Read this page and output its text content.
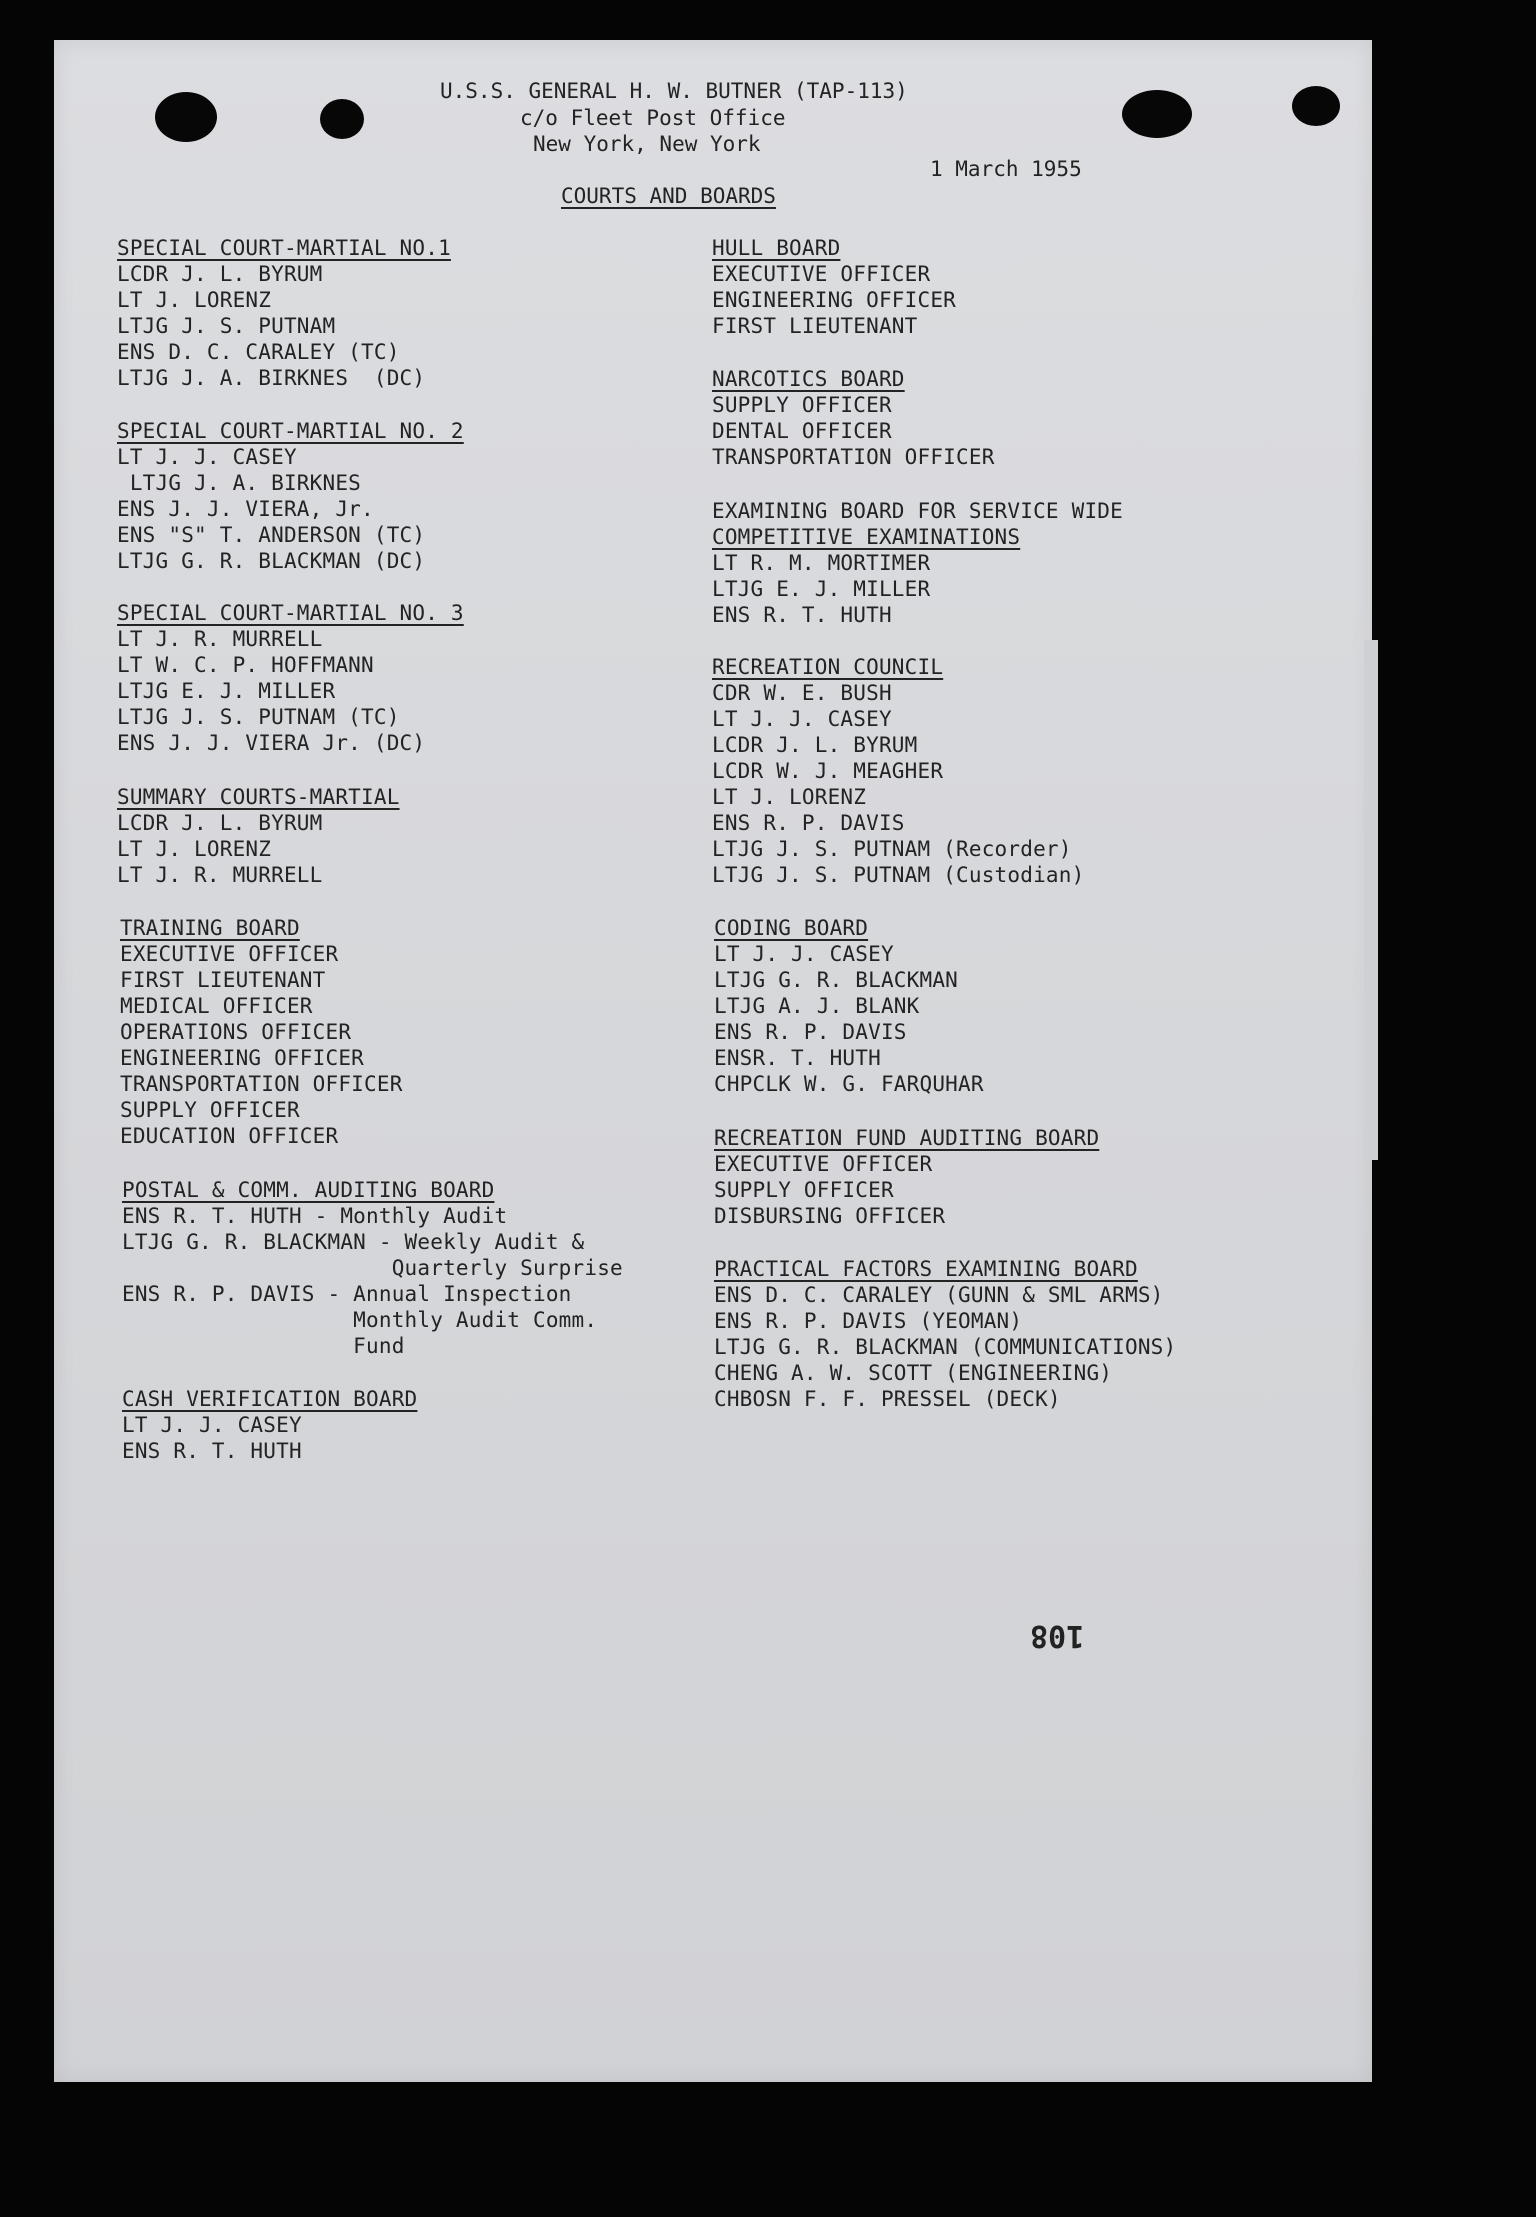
U.S.S. GENERAL H. W. BUTNER (TAP-113)
c/o Fleet Post Office
New York, New York
1 March 1955
COURTS AND BOARDS
SPECIAL COURT-MARTIAL NO.1
LCDR J. L. BYRUM
LT J. LORENZ
LTJG J. S. PUTNAM
ENS D. C. CARALEY (TC)
LTJG J. A. BIRKNES  (DC)
SPECIAL COURT-MARTIAL NO. 2
LT J. J. CASEY
LTJG J. A. BIRKNES
ENS J. J. VIERA, Jr.
ENS "S" T. ANDERSON (TC)
LTJG G. R. BLACKMAN (DC)
SPECIAL COURT-MARTIAL NO. 3
LT J. R. MURRELL
LT W. C. P. HOFFMANN
LTJG E. J. MILLER
LTJG J. S. PUTNAM (TC)
ENS J. J. VIERA Jr. (DC)
SUMMARY COURTS-MARTIAL
LCDR J. L. BYRUM
LT J. LORENZ
LT J. R. MURRELL
TRAINING BOARD
EXECUTIVE OFFICER
FIRST LIEUTENANT
MEDICAL OFFICER
OPERATIONS OFFICER
ENGINEERING OFFICER
TRANSPORTATION OFFICER
SUPPLY OFFICER
EDUCATION OFFICER
POSTAL & COMM. AUDITING BOARD
ENS R. T. HUTH - Monthly Audit
LTJG G. R. BLACKMAN - Weekly Audit &
Quarterly Surprise
ENS R. P. DAVIS - Annual Inspection
Monthly Audit Comm.
Fund
CASH VERIFICATION BOARD
LT J. J. CASEY
ENS R. T. HUTH
HULL BOARD
EXECUTIVE OFFICER
ENGINEERING OFFICER
FIRST LIEUTENANT
NARCOTICS BOARD
SUPPLY OFFICER
DENTAL OFFICER
TRANSPORTATION OFFICER
EXAMINING BOARD FOR SERVICE WIDE
COMPETITIVE EXAMINATIONS
LT R. M. MORTIMER
LTJG E. J. MILLER
ENS R. T. HUTH
RECREATION COUNCIL
CDR W. E. BUSH
LT J. J. CASEY
LCDR J. L. BYRUM
LCDR W. J. MEAGHER
LT J. LORENZ
ENS R. P. DAVIS
LTJG J. S. PUTNAM (Recorder)
LTJG J. S. PUTNAM (Custodian)
CODING BOARD
LT J. J. CASEY
LTJG G. R. BLACKMAN
LTJG A. J. BLANK
ENS R. P. DAVIS
ENSR. T. HUTH
CHPCLK W. G. FARQUHAR
RECREATION FUND AUDITING BOARD
EXECUTIVE OFFICER
SUPPLY OFFICER
DISBURSING OFFICER
PRACTICAL FACTORS EXAMINING BOARD
ENS D. C. CARALEY (GUNN & SML ARMS)
ENS R. P. DAVIS (YEOMAN)
LTJG G. R. BLACKMAN (COMMUNICATIONS)
CHENG A. W. SCOTT (ENGINEERING)
CHBOSN F. F. PRESSEL (DECK)
108
